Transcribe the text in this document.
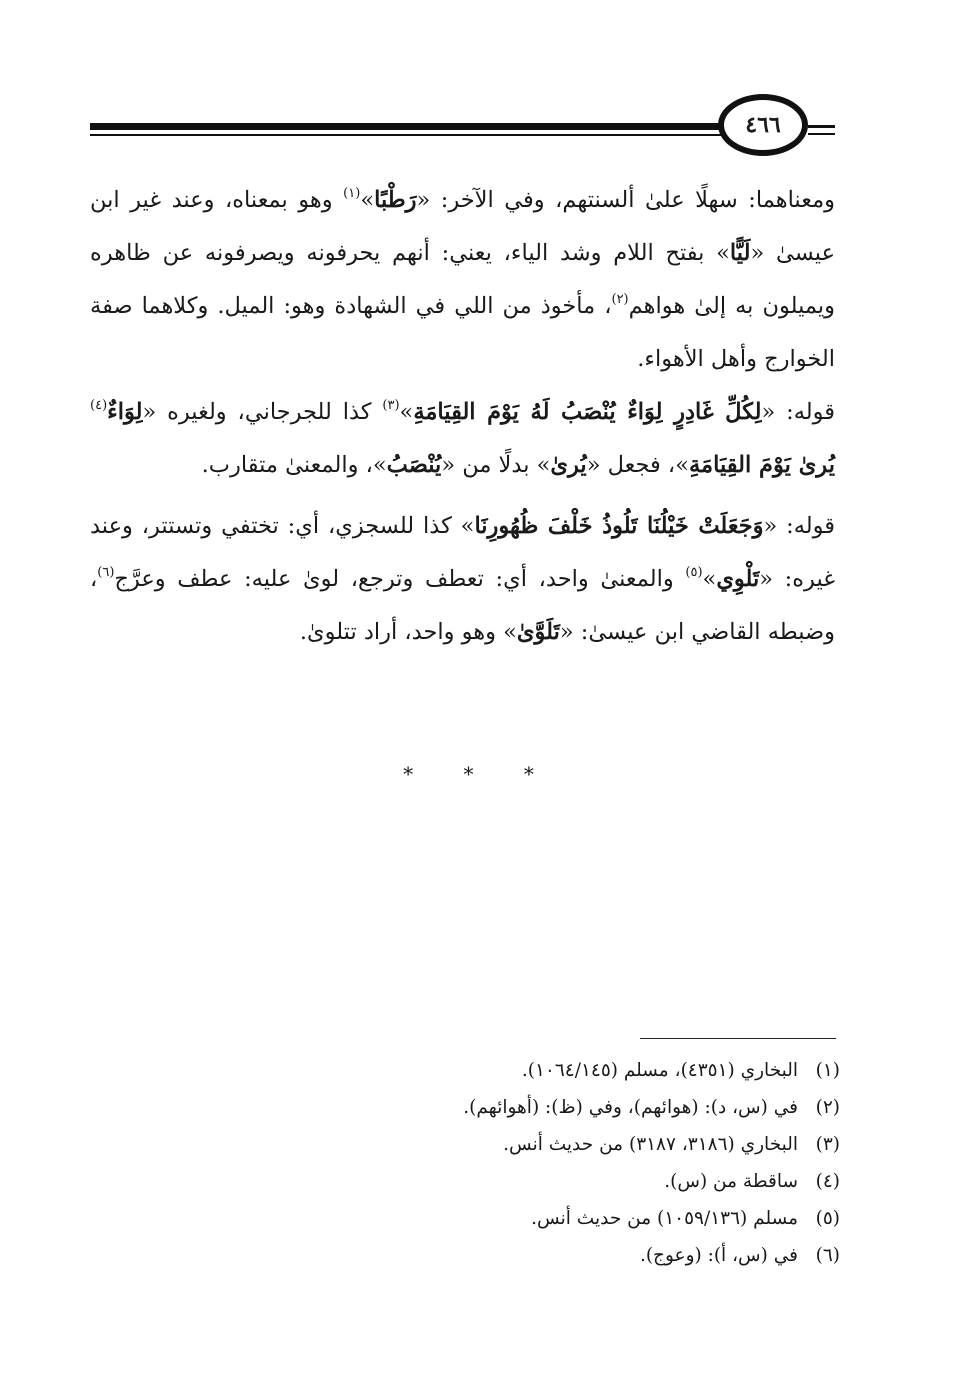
٤٦٦

ومعناهما: سهلًا علىٰ ألسنتهم، وفي الآخر: «رَطْبًا»$^{(١)}$ وهو بمعناه، وعند غير ابن عيسىٰ «لَيًّا» بفتح اللام وشد الياء، يعني: أنهم يحرفونه ويصرفونه عن ظاهره ويميلون به إلىٰ هواهم$^{(٢)}$، مأخوذ من اللي في الشهادة وهو: الميل. وكلاهما صفة الخوارج وأهل الأهواء.

قوله: «لِكُلِّ غَادِرٍ لِوَاءٌ يُنْصَبُ لَهُ يَوْمَ القِيَامَةِ»$^{(٣)}$ كذا للجرجاني، ولغيره «لِوَاءٌ$^{(٤)}$ يُرىٰ يَوْمَ القِيَامَةِ»، فجعل «يُرىٰ» بدلًا من «يُنْصَبُ»، والمعنىٰ متقارب.

قوله: «وَجَعَلَتْ خَيْلُنَا تَلُوذُ خَلْفَ ظُهُورِنَا» كذا للسجزي، أي: تختفي وتستتر، وعند غيره: «تَلْوِي»$^{(٥)}$ والمعنىٰ واحد، أي: تعطف وترجع، لوىٰ عليه: عطف وعرَّج$^{(٦)}$، وضبطه القاضي ابن عيسىٰ: «تَلَوَّىٰ» وهو واحد، أراد تتلوىٰ.

* * *

(١)البخاري (٤٣٥١)، مسلم (١٠٦٤/١٤٥).

(٢)في (س، د): (هوائهم)، وفي (ظ): (أهوائهم).

(٣)البخاري (٣١٨٦، ٣١٨٧) من حديث أنس.

(٤)ساقطة من (س).

(٥)مسلم (١٠٥٩/١٣٦) من حديث أنس.

(٦)في (س، أ): (وعوج).
